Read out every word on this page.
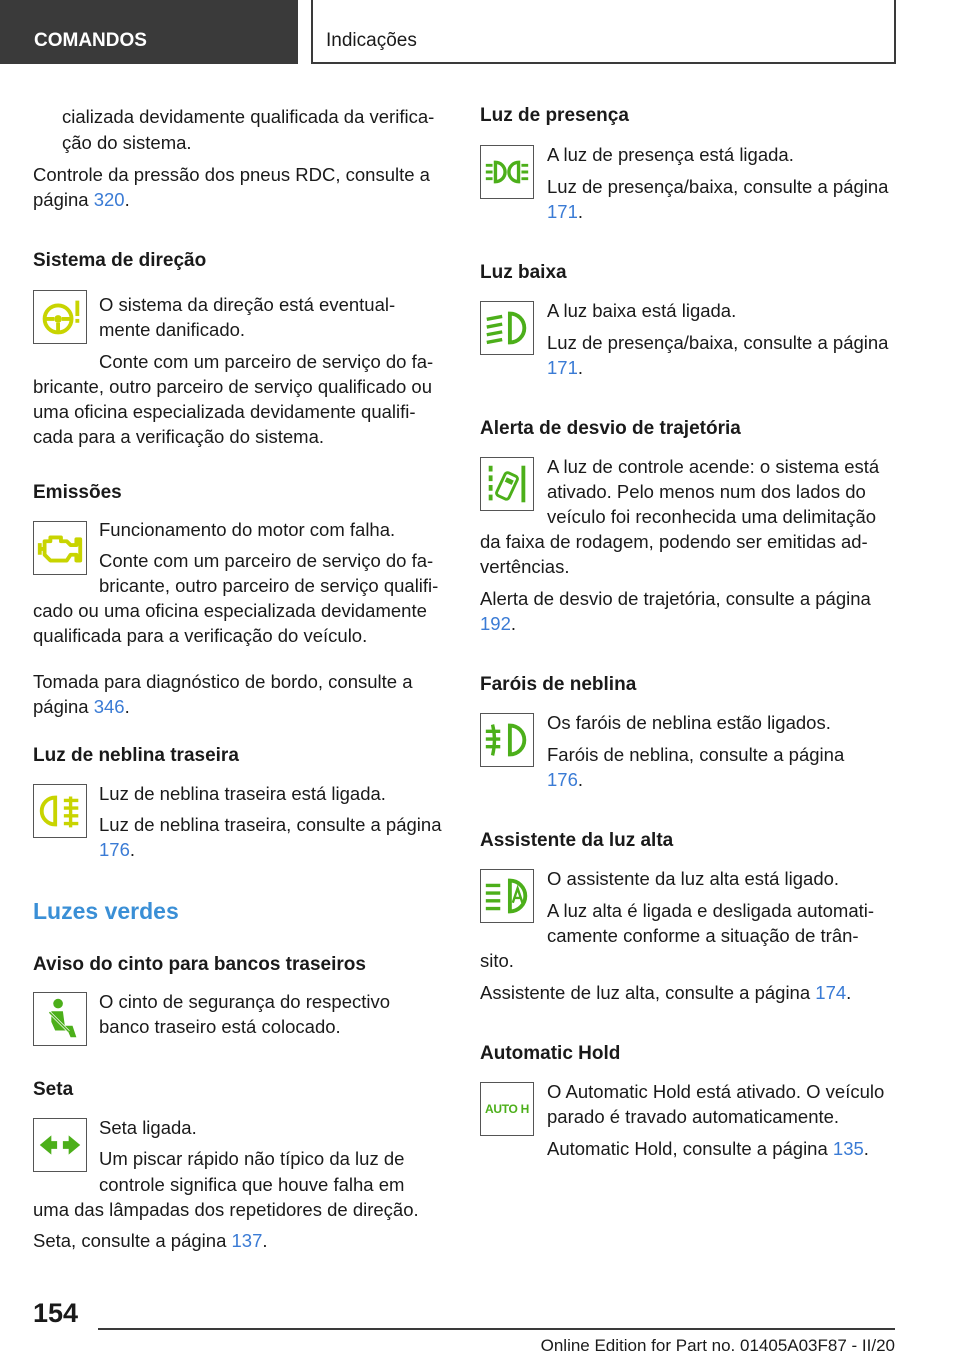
COMANDOS	Indicações

cializada devidamente qualificada da verifica-

ção do sistema.

Controle da pressão dos pneus RDC, consulte a

página 320.

Sistema de direção

O sistema da direção está eventual-

mente danificado.

Conte com um parceiro de serviço do fa-

bricante, outro parceiro de serviço qualificado ou

uma oficina especializada devidamente qualifi-

cada para a verificação do sistema.

Emissões

Funcionamento do motor com falha.

Conte com um parceiro de serviço do fa-

bricante, outro parceiro de serviço qualifi-

cado ou uma oficina especializada devidamente

qualificada para a verificação do veículo.

Tomada para diagnóstico de bordo, consulte a

página 346.

Luz de neblina traseira

Luz de neblina traseira está ligada.

Luz de neblina traseira, consulte a página

176.

Luzes verdes
Aviso do cinto para bancos traseiros

O cinto de segurança do respectivo

banco traseiro está colocado.

Seta

Seta ligada.

Um piscar rápido não típico da luz de

controle significa que houve falha em

uma das lâmpadas dos repetidores de direção.

Seta, consulte a página 137.

Luz de presença

A luz de presença está ligada.

Luz de presença/baixa, consulte a página

171.

Luz baixa

A luz baixa está ligada.

Luz de presença/baixa, consulte a página

171.

Alerta de desvio de trajetória

A luz de controle acende: o sistema está

ativado. Pelo menos num dos lados do

veículo foi reconhecida uma delimitação

da faixa de rodagem, podendo ser emitidas ad-

vertências.

Alerta de desvio de trajetória, consulte a página

192.

Faróis de neblina

Os faróis de neblina estão ligados.

Faróis de neblina, consulte a página

176.

Assistente da luz alta

O assistente da luz alta está ligado.

A luz alta é ligada e desligada automati-

camente conforme a situação de trân-

sito.

Assistente de luz alta, consulte a página 174.

Automatic Hold
AUTO H

O Automatic Hold está ativado. O veículo

parado é travado automaticamente.

Automatic Hold, consulte a página 135.

154
Online Edition for Part no. 01405A03F87 - II/20
